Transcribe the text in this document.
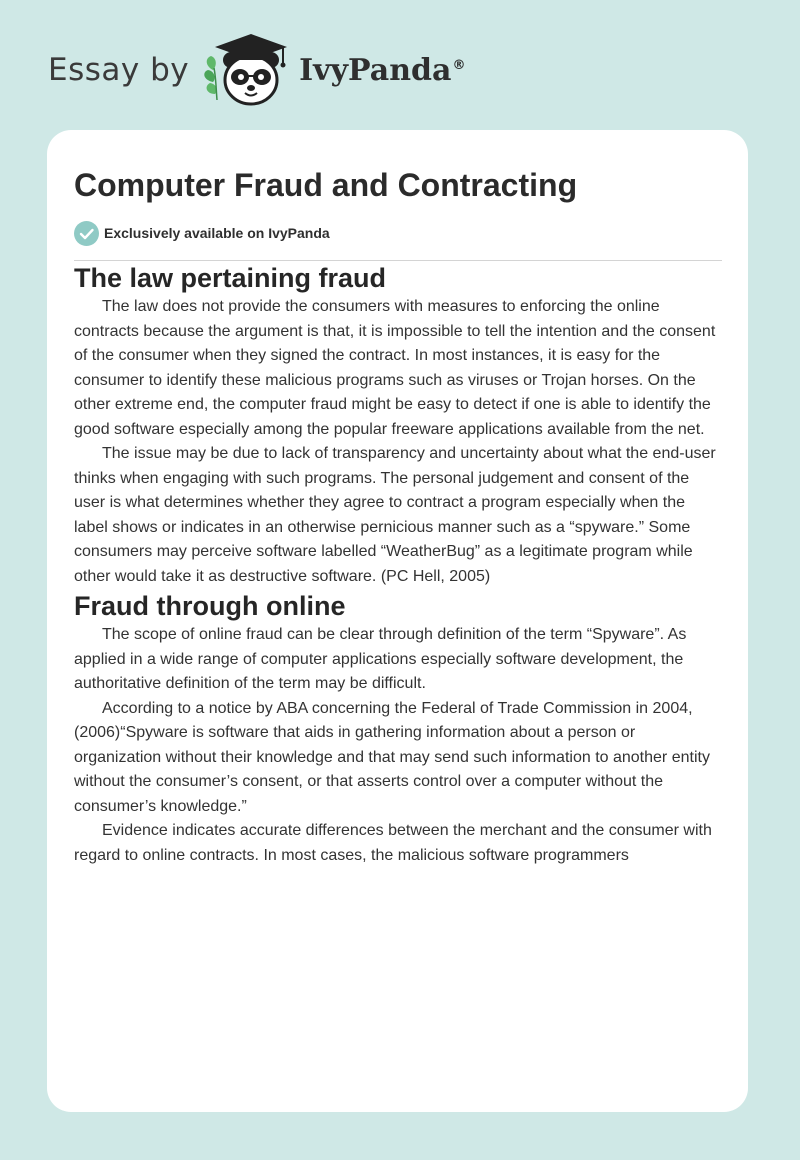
Essay by	IvyPanda®
Computer Fraud and Contracting
Exclusively available on IvyPanda
The law pertaining fraud

The law does not provide the consumers with measures to enforcing the online contracts because the argument is that, it is impossible to tell the intention and the consent of the consumer when they signed the contract. In most instances, it is easy for the consumer to identify these malicious programs such as viruses or Trojan horses. On the other extreme end, the computer fraud might be easy to detect if one is able to identify the good software especially among the popular freeware applications available from the net.

The issue may be due to lack of transparency and uncertainty about what the end-user thinks when engaging with such programs. The personal judgement and consent of the user is what determines whether they agree to contract a program especially when the label shows or indicates in an otherwise pernicious manner such as a “spyware.” Some consumers may perceive software labelled “WeatherBug” as a legitimate program while other would take it as destructive software. (PC Hell, 2005)

Fraud through online

The scope of online fraud can be clear through definition of the term “Spyware”. As applied in a wide range of computer applications especially software development, the authoritative definition of the term may be difficult.

According to a notice by ABA concerning the Federal of Trade Commission in 2004, (2006)“Spyware is software that aids in gathering information about a person or organization without their knowledge and that may send such information to another entity without the consumer’s consent, or that asserts control over a computer without the consumer’s knowledge.”

Evidence indicates accurate differences between the merchant and the consumer with regard to online contracts. In most cases, the malicious software programmers
